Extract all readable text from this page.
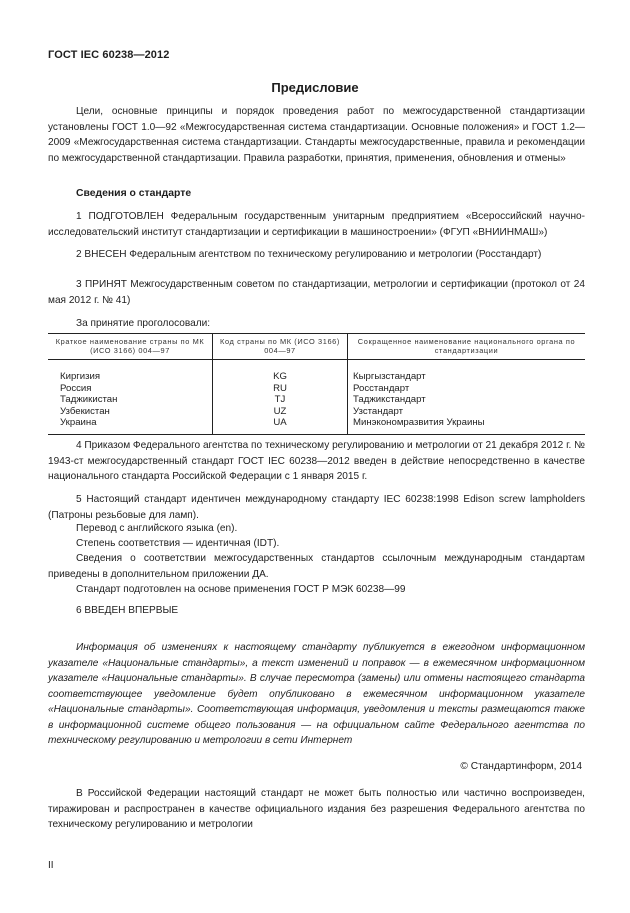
ГОСТ IEC 60238—2012
Предисловие
Цели, основные принципы и порядок проведения работ по межгосударственной стандартизации установлены ГОСТ 1.0—92 «Межгосударственная система стандартизации. Основные положения» и ГОСТ 1.2—2009 «Межгосударственная система стандартизации. Стандарты межгосударственные, правила и рекомендации по межгосударственной стандартизации. Правила разработки, принятия, применения, обновления и отмены»
Сведения о стандарте
1 ПОДГОТОВЛЕН Федеральным государственным унитарным предприятием «Всероссийский научно-исследовательский институт стандартизации и сертификации в машиностроении» (ФГУП «ВНИИНМАШ»)
2 ВНЕСЕН Федеральным агентством по техническому регулированию и метрологии (Росстандарт)
3 ПРИНЯТ Межгосударственным советом по стандартизации, метрологии и сертификации (протокол от 24 мая 2012 г. № 41)
За принятие проголосовали:
Краткое наименование страны по МК (ИСО 3166) 004—97	Код страны по МК (ИСО 3166) 004—97	Сокращенное наименование национального органа по стандартизации
Киргизия	KG	Кыргызстандарт
Россия	RU	Росстандарт
Таджикистан	TJ	Таджикстандарт
Узбекистан	UZ	Узстандарт
Украина	UA	Минэкономразвития Украины
4 Приказом Федерального агентства по техническому регулированию и метрологии от 21 декабря 2012 г. № 1943-ст межгосударственный стандарт ГОСТ IEC 60238—2012 введен в действие непосредственно в качестве национального стандарта Российской Федерации с 1 января 2015 г.
5 Настоящий стандарт идентичен международному стандарту IEC 60238:1998 Edison screw lampholders (Патроны резьбовые для ламп).
Перевод с английского языка (en).
Степень соответствия — идентичная (IDT).
Сведения о соответствии межгосударственных стандартов ссылочным международным стандартам приведены в дополнительном приложении ДА.
Стандарт подготовлен на основе применения ГОСТ Р МЭК 60238—99
6 ВВЕДЕН ВПЕРВЫЕ
Информация об изменениях к настоящему стандарту публикуется в ежегодном информационном указателе «Национальные стандарты», а текст изменений и поправок — в ежемесячном информационном указателе «Национальные стандарты». В случае пересмотра (замены) или отмены настоящего стандарта соответствующее уведомление будет опубликовано в ежемесячном информационном указателе «Национальные стандарты». Соответствующая информация, уведомления и тексты размещаются также в информационной системе общего пользования — на официальном сайте Федерального агентства по техническому регулированию и метрологии в сети Интернет
© Стандартинформ, 2014
В Российской Федерации настоящий стандарт не может быть полностью или частично воспроизведен, тиражирован и распространен в качестве официального издания без разрешения Федерального агентства по техническому регулированию и метрологии
II
